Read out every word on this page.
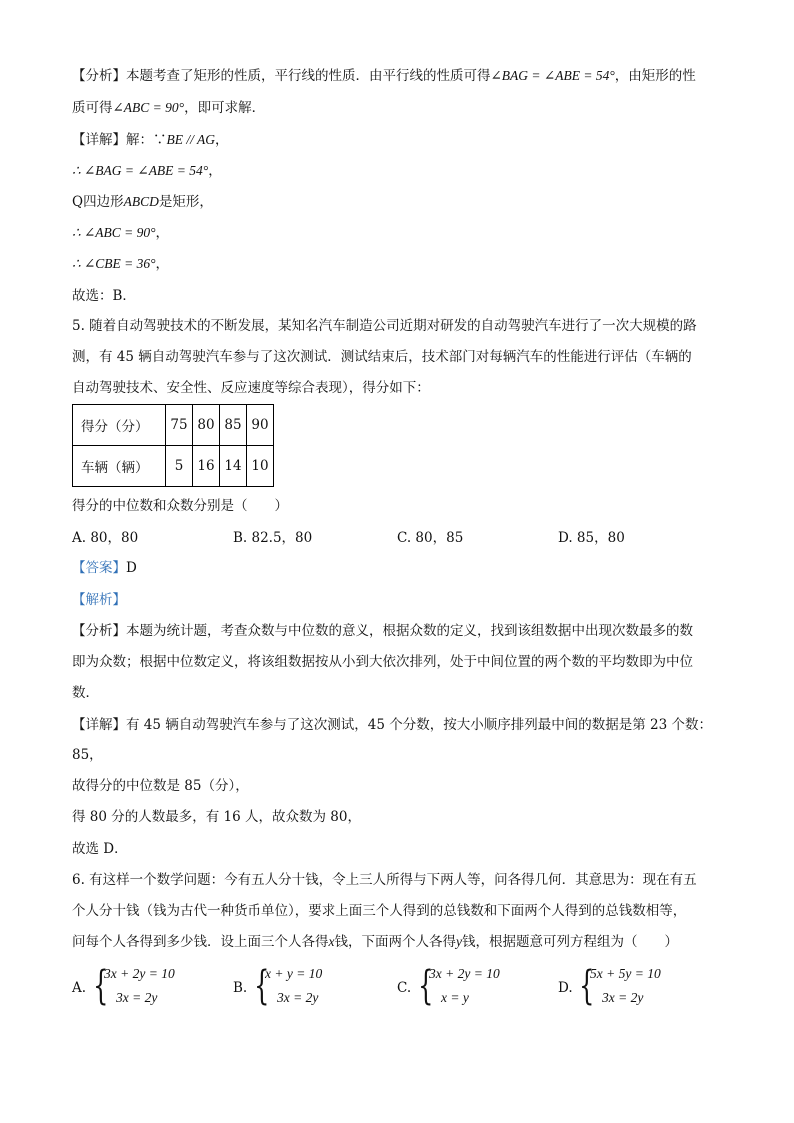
【分析】本题考查了矩形的性质，平行线的性质．由平行线的性质可得∠BAG = ∠ABE = 54°，由矩形的性
质可得∠ABC = 90°，即可求解．
【详解】解：∵BE // AG，
∴ ∠BAG = ∠ABE = 54°，
Q四边形ABCD是矩形，
∴ ∠ABC = 90°，
∴ ∠CBE = 36°，
故选：B．
5. 随着自动驾驶技术的不断发展，某知名汽车制造公司近期对研发的自动驾驶汽车进行了一次大规模的路
测，有 45 辆自动驾驶汽车参与了这次测试．测试结束后，技术部门对每辆汽车的性能进行评估（车辆的
自动驾驶技术、安全性、反应速度等综合表现），得分如下：
得分（分）	75	80	85	90
车辆（辆）	5	16	14	10
得分的中位数和众数分别是（　　）
A. 80，80	B. 82.5，80	C. 80，85	D. 85，80
【答案】D
【解析】
【分析】本题为统计题，考查众数与中位数的意义，根据众数的定义，找到该组数据中出现次数最多的数
即为众数；根据中位数定义，将该组数据按从小到大依次排列，处于中间位置的两个数的平均数即为中位
数．
【详解】有 45 辆自动驾驶汽车参与了这次测试，45 个分数，按大小顺序排列最中间的数据是第 23 个数：
85，
故得分的中位数是 85（分），
得 80 分的人数最多，有 16 人，故众数为 80，
故选 D．
6. 有这样一个数学问题：今有五人分十钱，令上三人所得与下两人等，问各得几何．其意思为：现在有五
个人分十钱（钱为古代一种货币单位），要求上面三个人得到的总钱数和下面两个人得到的总钱数相等，
问每个人各得到多少钱．设上面三个人各得x钱，下面两个人各得y钱，根据题意可列方程组为（　　）
A. {
3x + 2y = 10
3x = 2y
B. {
x + y = 10
3x = 2y
C. {
3x + 2y = 10
x = y
D. {
5x + 5y = 10
3x = 2y
